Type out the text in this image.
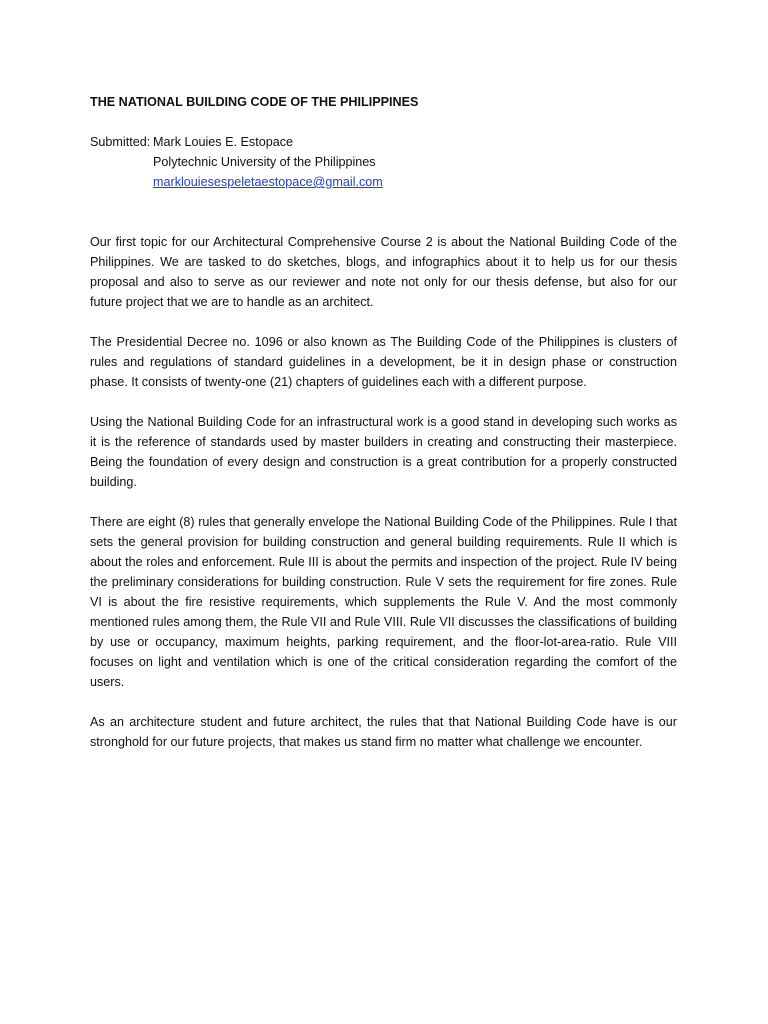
THE NATIONAL BUILDING CODE OF THE PHILIPPINES
Submitted: Mark Louies E. Estopace
Polytechnic University of the Philippines
marklouiesespeletaestopace@gmail.com

Our first topic for our Architectural Comprehensive Course 2 is about the National Building Code of the Philippines. We are tasked to do sketches, blogs, and infographics about it to help us for our thesis proposal and also to serve as our reviewer and note not only for our thesis defense, but also for our future project that we are to handle as an architect.

The Presidential Decree no. 1096 or also known as The Building Code of the Philippines is clusters of rules and regulations of standard guidelines in a development, be it in design phase or construction phase. It consists of twenty-one (21) chapters of guidelines each with a different purpose.

Using the National Building Code for an infrastructural work is a good stand in developing such works as it is the reference of standards used by master builders in creating and constructing their masterpiece. Being the foundation of every design and construction is a great contribution for a properly constructed building.

There are eight (8) rules that generally envelope the National Building Code of the Philippines. Rule I that sets the general provision for building construction and general building requirements. Rule II which is about the roles and enforcement. Rule III is about the permits and inspection of the project. Rule IV being the preliminary considerations for building construction. Rule V sets the requirement for fire zones. Rule VI is about the fire resistive requirements, which supplements the Rule V. And the most commonly mentioned rules among them, the Rule VII and Rule VIII. Rule VII discusses the classifications of building by use or occupancy, maximum heights, parking requirement, and the floor-lot-area-ratio. Rule VIII focuses on light and ventilation which is one of the critical consideration regarding the comfort of the users.

As an architecture student and future architect, the rules that that National Building Code have is our stronghold for our future projects, that makes us stand firm no matter what challenge we encounter.
